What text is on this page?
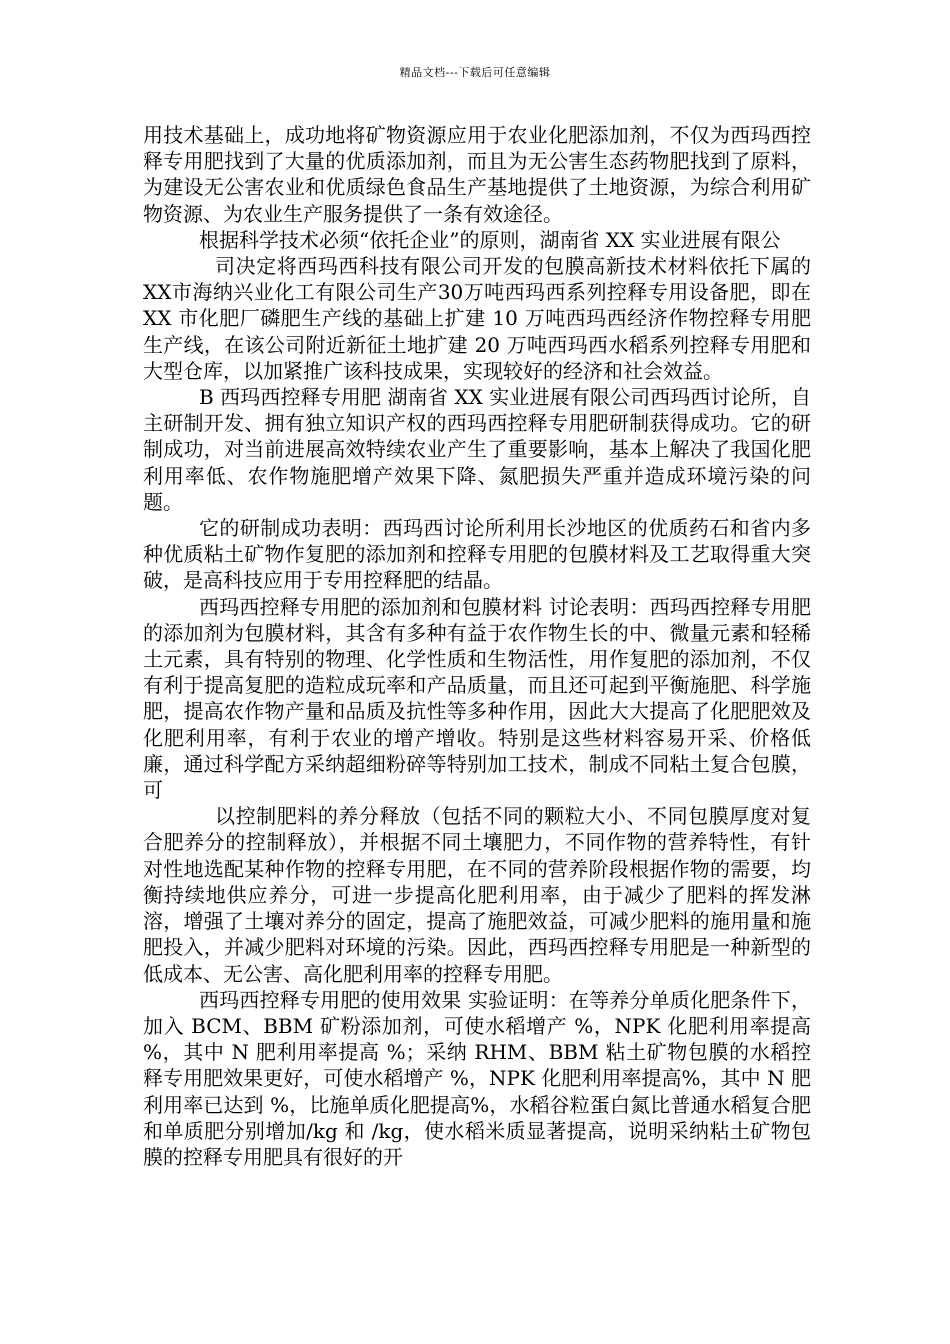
精品文档---下载后可任意编辑

用技术基础上，成功地将矿物资源应用于农业化肥添加剂，不仅为西玛西控释专用肥找到了大量的优质添加剂，而且为无公害生态药物肥找到了原料，为建设无公害农业和优质绿色食品生产基地提供了土地资源，为综合利用矿物资源、为农业生产服务提供了一条有效途径。

根据科学技术必须“依托企业”的原则，湖南省 XX 实业进展有限公

司决定将西玛西科技有限公司开发的包膜高新技术材料依托下属的XX市海纳兴业化工有限公司生产30万吨西玛西系列控释专用设备肥，即在 XX 市化肥厂磷肥生产线的基础上扩建 10 万吨西玛西经济作物控释专用肥生产线，在该公司附近新征土地扩建 20 万吨西玛西水稻系列控释专用肥和大型仓库，以加紧推广该科技成果，实现较好的经济和社会效益。

B 西玛西控释专用肥 湖南省 XX 实业进展有限公司西玛西讨论所，自主研制开发、拥有独立知识产权的西玛西控释专用肥研制获得成功。它的研制成功，对当前进展高效特续农业产生了重要影响，基本上解决了我国化肥利用率低、农作物施肥增产效果下降、氮肥损失严重并造成环境污染的问题。

它的研制成功表明：西玛西讨论所利用长沙地区的优质药石和省内多种优质粘土矿物作复肥的添加剂和控释专用肥的包膜材料及工艺取得重大突破，是高科技应用于专用控释肥的结晶。

西玛西控释专用肥的添加剂和包膜材料 讨论表明：西玛西控释专用肥的添加剂为包膜材料，其含有多种有益于农作物生长的中、微量元素和轻稀土元素，具有特别的物理、化学性质和生物活性，用作复肥的添加剂，不仅有利于提高复肥的造粒成玩率和产品质量，而且还可起到平衡施肥、科学施肥，提高农作物产量和品质及抗性等多种作用，因此大大提高了化肥肥效及化肥利用率，有利于农业的增产增收。特别是这些材料容易开采、价格低廉，通过科学配方采纳超细粉碎等特别加工技术，制成不同粘土复合包膜，可

以控制肥料的养分释放（包括不同的颗粒大小、不同包膜厚度对复合肥养分的控制释放），并根据不同土壤肥力，不同作物的营养特性，有针对性地选配某种作物的控释专用肥，在不同的营养阶段根据作物的需要，均衡持续地供应养分，可进一步提高化肥利用率，由于减少了肥料的挥发淋溶，增强了土壤对养分的固定，提高了施肥效益，可减少肥料的施用量和施肥投入，并减少肥料对环境的污染。因此，西玛西控释专用肥是一种新型的低成本、无公害、高化肥利用率的控释专用肥。

西玛西控释专用肥的使用效果 实验证明：在等养分单质化肥条件下，加入 BCM、BBM 矿粉添加剂，可使水稻增产 %，NPK 化肥利用率提高 %，其中 N 肥利用率提高 %；采纳 RHM、BBM 粘土矿物包膜的水稻控释专用肥效果更好，可使水稻增产 %，NPK 化肥利用率提高%，其中 N 肥利用率已达到 %，比施单质化肥提高%，水稻谷粒蛋白氮比普通水稻复合肥和单质肥分别增加/kg 和 /kg，使水稻米质显著提高，说明采纳粘土矿物包膜的控释专用肥具有很好的开
